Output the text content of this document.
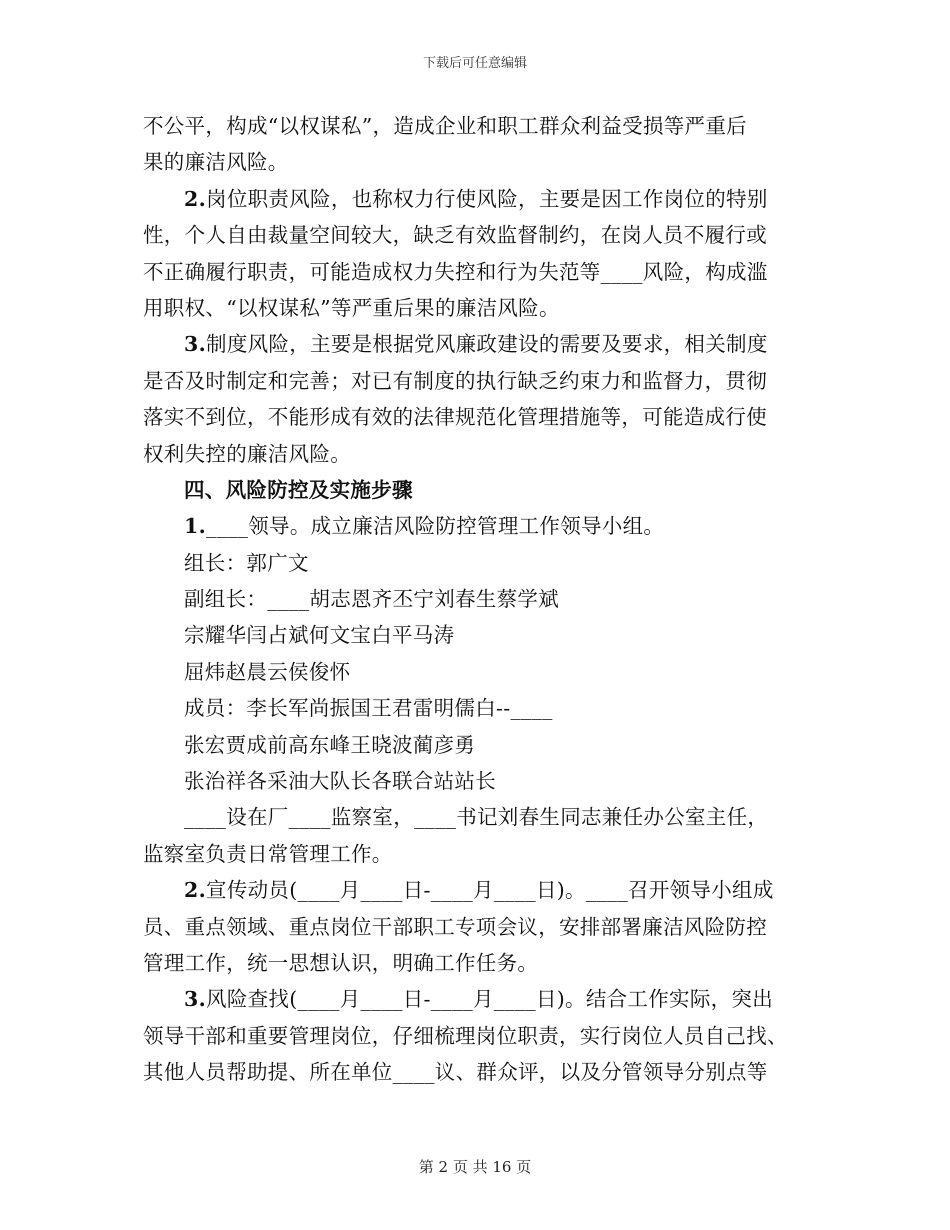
下载后可任意编辑
不公平，构成“以权谋私”，造成企业和职工群众利益受损等严重后
果的廉洁风险。
2.岗位职责风险，也称权力行使风险，主要是因工作岗位的特别
性，个人自由裁量空间较大，缺乏有效监督制约，在岗人员不履行或
不正确履行职责，可能造成权力失控和行为失范等____风险，构成滥
用职权、“以权谋私”等严重后果的廉洁风险。
3.制度风险，主要是根据党风廉政建设的需要及要求，相关制度
是否及时制定和完善；对已有制度的执行缺乏约束力和监督力，贯彻
落实不到位，不能形成有效的法律规范化管理措施等，可能造成行使
权利失控的廉洁风险。
四、风险防控及实施步骤
1.____领导。成立廉洁风险防控管理工作领导小组。
组长：郭广文
副组长：____胡志恩齐丕宁刘春生蔡学斌
宗耀华闫占斌何文宝白平马涛
屈炜赵晨云侯俊怀
成员：李长军尚振国王君雷明儒白--____
张宏贾成前高东峰王晓波蔺彦勇
张治祥各采油大队长各联合站站长
____设在厂____监察室，____书记刘春生同志兼任办公室主任，
监察室负责日常管理工作。
2.宣传动员(____月____日-____月____日)。____召开领导小组成
员、重点领域、重点岗位干部职工专项会议，安排部署廉洁风险防控
管理工作，统一思想认识，明确工作任务。
3.风险查找(____月____日-____月____日)。结合工作实际，突出
领导干部和重要管理岗位，仔细梳理岗位职责，实行岗位人员自己找、
其他人员帮助提、所在单位____议、群众评，以及分管领导分别点等
第 2 页 共 16 页
